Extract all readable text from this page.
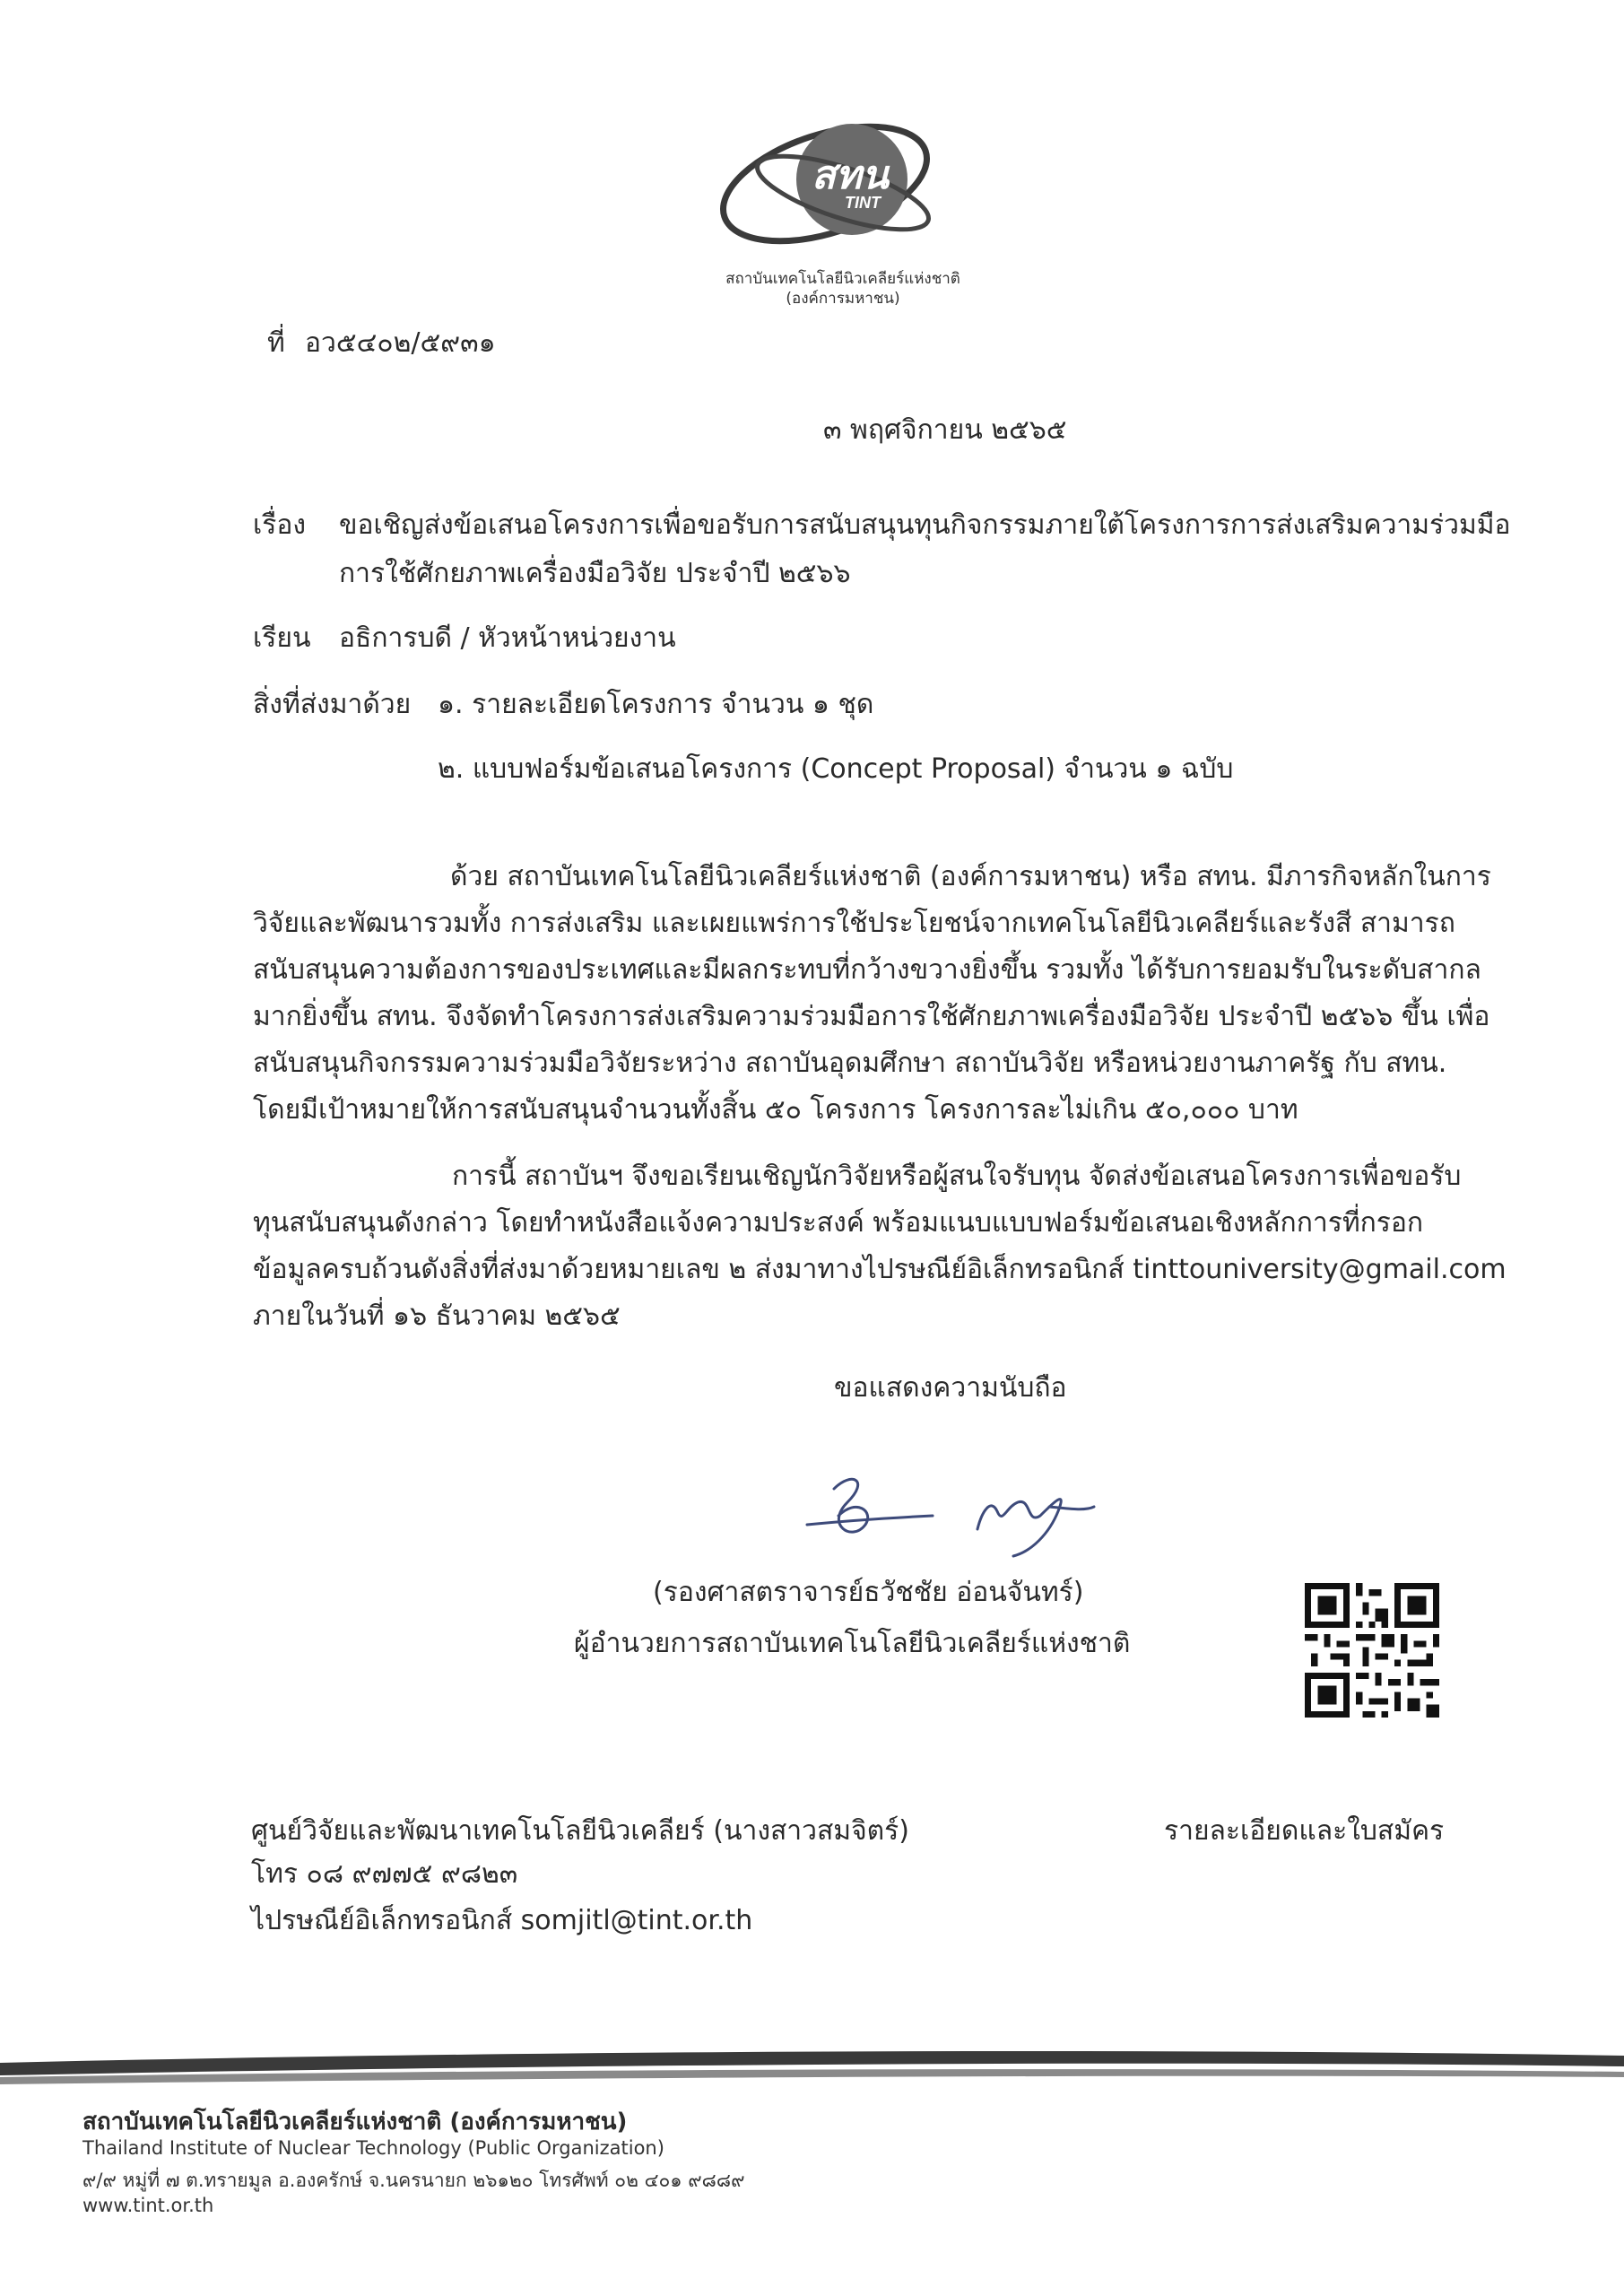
สทน
TINT
สถาบันเทคโนโลยีนิวเคลียร์แห่งชาติ
(องค์การมหาชน)
ที่ อว๕๔๐๒/๕๙๓๑
๓ พฤศจิกายน ๒๕๖๕
เรื่อง ขอเชิญส่งข้อเสนอโครงการเพื่อขอรับการสนับสนุนทุนกิจกรรมภายใต้โครงการการส่งเสริมความร่วมมือ
การใช้ศักยภาพเครื่องมือวิจัย ประจำปี ๒๕๖๖
เรียน อธิการบดี / หัวหน้าหน่วยงาน
สิ่งที่ส่งมาด้วย ๑. รายละเอียดโครงการ จำนวน ๑ ชุด
๒. แบบฟอร์มข้อเสนอโครงการ (Concept Proposal) จำนวน ๑ ฉบับ
ด้วย สถาบันเทคโนโลยีนิวเคลียร์แห่งชาติ (องค์การมหาชน) หรือ สทน. มีภารกิจหลักในการ
วิจัยและพัฒนารวมทั้ง การส่งเสริม และเผยแพร่การใช้ประโยชน์จากเทคโนโลยีนิวเคลียร์และรังสี สามารถ
สนับสนุนความต้องการของประเทศและมีผลกระทบที่กว้างขวางยิ่งขึ้น รวมทั้ง ได้รับการยอมรับในระดับสากล
มากยิ่งขึ้น สทน. จึงจัดทำโครงการส่งเสริมความร่วมมือการใช้ศักยภาพเครื่องมือวิจัย ประจำปี ๒๕๖๖ ขึ้น เพื่อ
สนับสนุนกิจกรรมความร่วมมือวิจัยระหว่าง สถาบันอุดมศึกษา สถาบันวิจัย หรือหน่วยงานภาครัฐ กับ สทน.
โดยมีเป้าหมายให้การสนับสนุนจำนวนทั้งสิ้น ๕๐ โครงการ โครงการละไม่เกิน ๕๐,๐๐๐ บาท
การนี้ สถาบันฯ จึงขอเรียนเชิญนักวิจัยหรือผู้สนใจรับทุน จัดส่งข้อเสนอโครงการเพื่อขอรับ
ทุนสนับสนุนดังกล่าว โดยทำหนังสือแจ้งความประสงค์ พร้อมแนบแบบฟอร์มข้อเสนอเชิงหลักการที่กรอก
ข้อมูลครบถ้วนดังสิ่งที่ส่งมาด้วยหมายเลข ๒ ส่งมาทางไปรษณีย์อิเล็กทรอนิกส์ tinttouniversity@gmail.com
ภายในวันที่ ๑๖ ธันวาคม ๒๕๖๕
ขอแสดงความนับถือ
(รองศาสตราจารย์ธวัชชัย อ่อนจันทร์)
ผู้อำนวยการสถาบันเทคโนโลยีนิวเคลียร์แห่งชาติ
รายละเอียดและใบสมัคร
ศูนย์วิจัยและพัฒนาเทคโนโลยีนิวเคลียร์ (นางสาวสมจิตร์)
โทร ๐๘ ๙๗๗๕ ๙๘๒๓
ไปรษณีย์อิเล็กทรอนิกส์ somjitl@tint.or.th
สถาบันเทคโนโลยีนิวเคลียร์แห่งชาติ (องค์การมหาชน)
Thailand Institute of Nuclear Technology (Public Organization)
๙/๙ หมู่ที่ ๗ ต.ทรายมูล อ.องครักษ์ จ.นครนายก ๒๖๑๒๐ โทรศัพท์ ๐๒ ๔๐๑ ๙๘๘๙
www.tint.or.th
